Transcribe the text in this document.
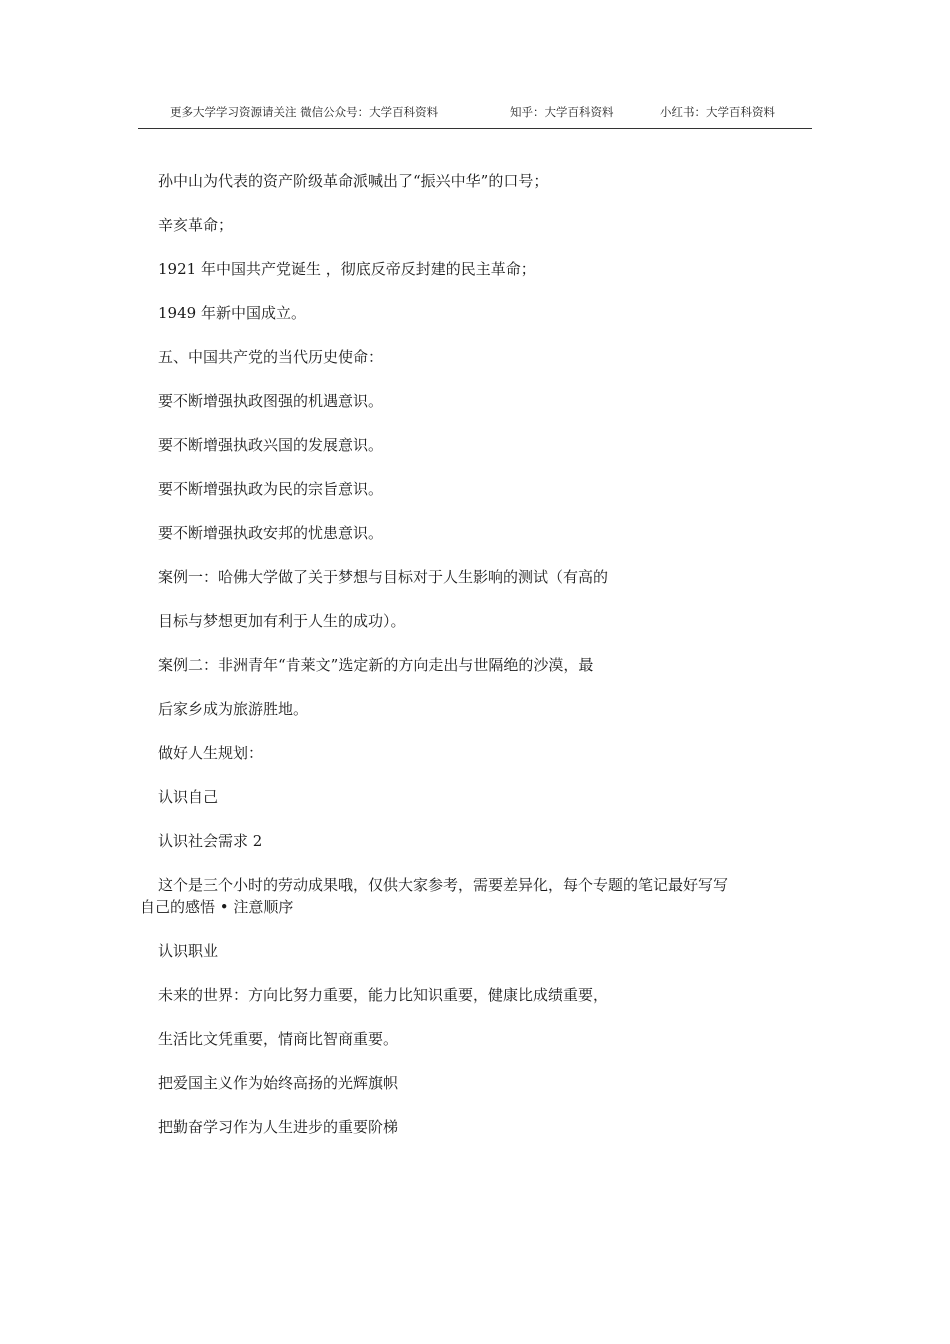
更多大学学习资源请关注 微信公众号：大学百科资料	知乎：大学百科资料	小红书：大学百科资料
孙中山为代表的资产阶级革命派喊出了“振兴中华”的口号；
辛亥革命；
1921 年中国共产党诞生 ，彻底反帝反封建的民主革命；
1949 年新中国成立。
五、中国共产党的当代历史使命：
要不断增强执政图强的机遇意识。
要不断增强执政兴国的发展意识。
要不断增强执政为民的宗旨意识。
要不断增强执政安邦的忧患意识。
案例一：哈佛大学做了关于梦想与目标对于人生影响的测试（有高的
目标与梦想更加有利于人生的成功）。
案例二：非洲青年“肯莱文”选定新的方向走出与世隔绝的沙漠，最
后家乡成为旅游胜地。
做好人生规划：
认识自己
认识社会需求 2
这个是三个小时的劳动成果哦，仅供大家参考，需要差异化，每个专题的笔记最好写写
自己的感悟 • 注意顺序
认识职业
未来的世界：方向比努力重要，能力比知识重要，健康比成绩重要，
生活比文凭重要，情商比智商重要。
把爱国主义作为始终高扬的光辉旗帜
把勤奋学习作为人生进步的重要阶梯
